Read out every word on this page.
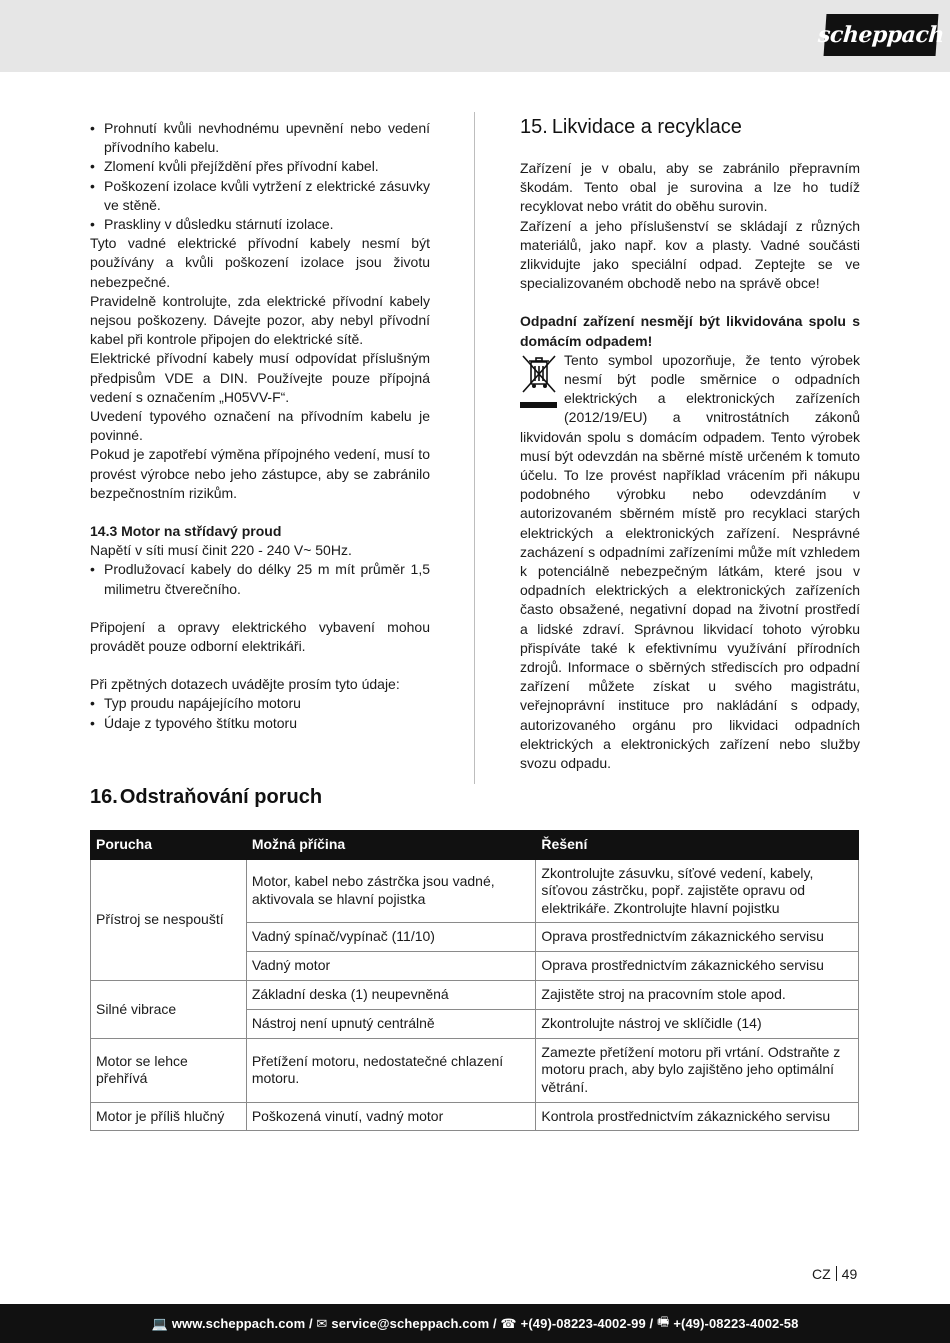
scheppach
• Prohnutí kvůli nevhodnému upevnění nebo vedení přívodního kabelu.
• Zlomení kvůli přejíždění přes přívodní kabel.
• Poškození izolace kvůli vytržení z elektrické zásuvky ve stěně.
• Praskliny v důsledku stárnutí izolace.
Tyto vadné elektrické přívodní kabely nesmí být používány a kvůli poškození izolace jsou životu nebezpečné.
Pravidelně kontrolujte, zda elektrické přívodní kabely nejsou poškozeny. Dávejte pozor, aby nebyl přívodní kabel při kontrole připojen do elektrické sítě.
Elektrické přívodní kabely musí odpovídat příslušným předpisům VDE a DIN. Používejte pouze přípojná vedení s označením „H05VV-F“.
Uvedení typového označení na přívodním kabelu je povinné.
Pokud je zapotřebí výměna přípojného vedení, musí to provést výrobce nebo jeho zástupce, aby se zabránilo bezpečnostním rizikům.
14.3 Motor na střídavý proud
Napětí v síti musí činit 220 - 240 V~ 50Hz.
• Prodlužovací kabely do délky 25 m mít průměr 1,5 milimetru čtverečního.
Připojení a opravy elektrického vybavení mohou provádět pouze odborní elektrikáři.
Při zpětných dotazech uvádějte prosím tyto údaje:
• Typ proudu napájejícího motoru
• Údaje z typového štítku motoru
15. Likvidace a recyklace
Zařízení je v obalu, aby se zabránilo přepravním škodám. Tento obal je surovina a lze ho tudíž recyklovat nebo vrátit do oběhu surovin.
Zařízení a jeho příslušenství se skládají z různých materiálů, jako např. kov a plasty. Vadné součásti zlikvidujte jako speciální odpad. Zeptejte se ve specializovaném obchodě nebo na správě obce!
Odpadní zařízení nesmějí být likvidována spolu s domácím odpadem!
Tento symbol upozorňuje, že tento výrobek nesmí být podle směrnice o odpadních elektrických a elektronických zařízeních (2012/19/EU) a vnitrostátních zákonů likvidován spolu s domácím odpadem. Tento výrobek musí být odevzdán na sběrné místě určeném k tomuto účelu. To lze provést například vrácením při nákupu podobného výrobku nebo odevzdáním v autorizovaném sběrném místě pro recyklaci starých elektrických a elektronických zařízení. Nesprávné zacházení s odpadními zařízeními může mít vzhledem k potenciálně nebezpečným látkám, které jsou v odpadních elektrických a elektronických zařízeních často obsažené, negativní dopad na životní prostředí a lidské zdraví. Správnou likvidací tohoto výrobku přispíváte také k efektivnímu využívání přírodních zdrojů. Informace o sběrných střediscích pro odpadní zařízení můžete získat u svého magistrátu, veřejnoprávní instituce pro nakládání s odpady, autorizovaného orgánu pro likvidaci odpadních elektrických a elektronických zařízení nebo služby svozu odpadu.
16. Odstraňování poruch
Porucha	Možná příčina	Řešení
Přístroj se nespouští	Motor, kabel nebo zástrčka jsou vadné, aktivovala se hlavní pojistka	Zkontrolujte zásuvku, síťové vedení, kabely, síťovou zástrčku, popř. zajistěte opravu od elektrikáře. Zkontrolujte hlavní pojistku
	Vadný spínač/vypínač (11/10)	Oprava prostřednictvím zákaznického servisu
	Vadný motor	Oprava prostřednictvím zákaznického servisu
Silné vibrace	Základní deska (1) neupevněná	Zajistěte stroj na pracovním stole apod.
	Nástroj není upnutý centrálně	Zkontrolujte nástroj ve sklíčidle (14)
Motor se lehce přehřívá	Přetížení motoru, nedostatečné chlazení motoru.	Zamezte přetížení motoru při vrtání. Odstraňte z motoru prach, aby bylo zajištěno jeho optimální větrání.
Motor je příliš hlučný	Poškozená vinutí, vadný motor	Kontrola prostřednictvím zákaznického servisu
CZ 49
💻 www.scheppach.com / ✉ service@scheppach.com / ☎ +(49)-08223-4002-99 / 🖷 +(49)-08223-4002-58
